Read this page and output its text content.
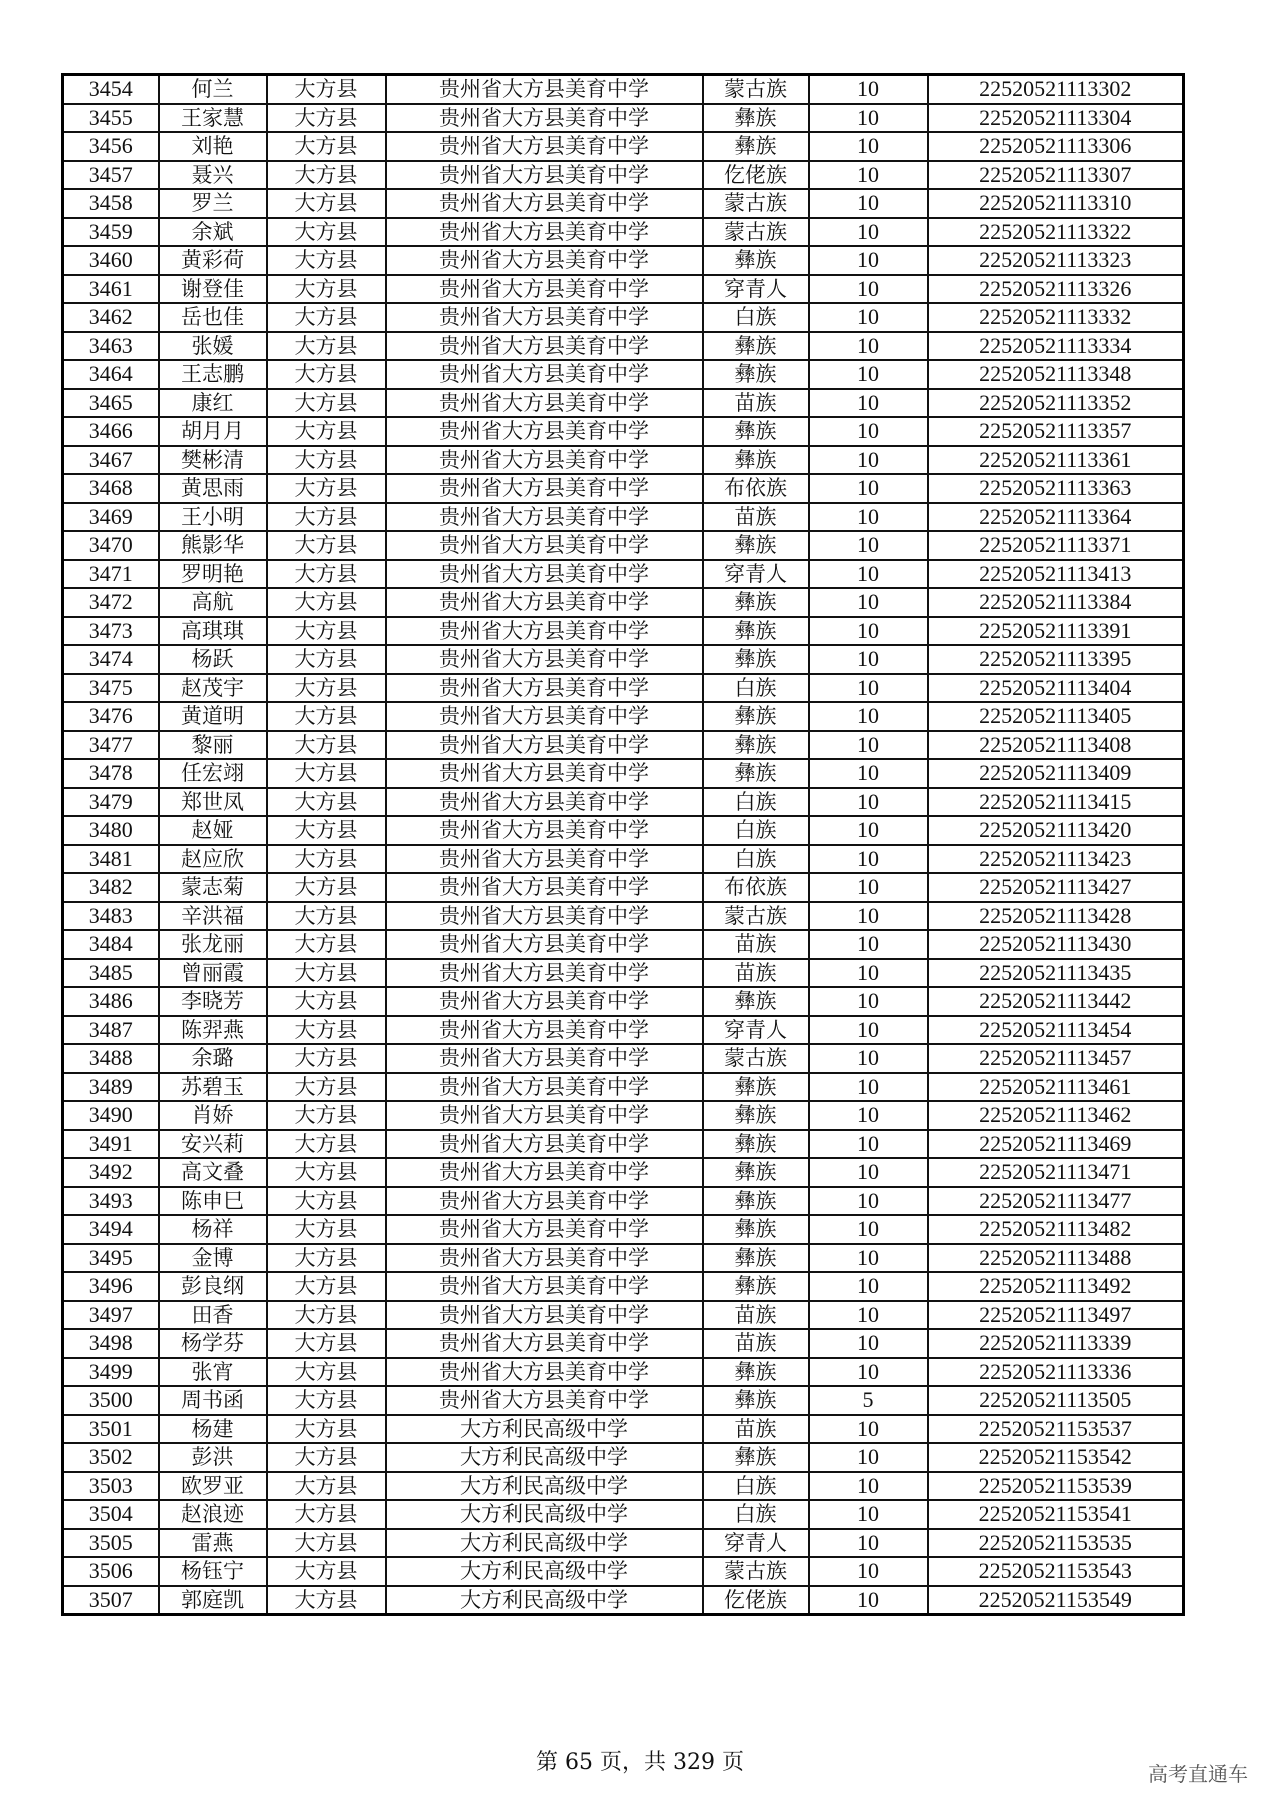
3454	何兰	大方县	贵州省大方县美育中学	蒙古族	10	22520521113302
3455	王家慧	大方县	贵州省大方县美育中学	彝族	10	22520521113304
3456	刘艳	大方县	贵州省大方县美育中学	彝族	10	22520521113306
3457	聂兴	大方县	贵州省大方县美育中学	仡佬族	10	22520521113307
3458	罗兰	大方县	贵州省大方县美育中学	蒙古族	10	22520521113310
3459	余斌	大方县	贵州省大方县美育中学	蒙古族	10	22520521113322
3460	黄彩荷	大方县	贵州省大方县美育中学	彝族	10	22520521113323
3461	谢登佳	大方县	贵州省大方县美育中学	穿青人	10	22520521113326
3462	岳也佳	大方县	贵州省大方县美育中学	白族	10	22520521113332
3463	张媛	大方县	贵州省大方县美育中学	彝族	10	22520521113334
3464	王志鹏	大方县	贵州省大方县美育中学	彝族	10	22520521113348
3465	康红	大方县	贵州省大方县美育中学	苗族	10	22520521113352
3466	胡月月	大方县	贵州省大方县美育中学	彝族	10	22520521113357
3467	樊彬清	大方县	贵州省大方县美育中学	彝族	10	22520521113361
3468	黄思雨	大方县	贵州省大方县美育中学	布依族	10	22520521113363
3469	王小明	大方县	贵州省大方县美育中学	苗族	10	22520521113364
3470	熊影华	大方县	贵州省大方县美育中学	彝族	10	22520521113371
3471	罗明艳	大方县	贵州省大方县美育中学	穿青人	10	22520521113413
3472	高航	大方县	贵州省大方县美育中学	彝族	10	22520521113384
3473	高琪琪	大方县	贵州省大方县美育中学	彝族	10	22520521113391
3474	杨跃	大方县	贵州省大方县美育中学	彝族	10	22520521113395
3475	赵茂宇	大方县	贵州省大方县美育中学	白族	10	22520521113404
3476	黄道明	大方县	贵州省大方县美育中学	彝族	10	22520521113405
3477	黎丽	大方县	贵州省大方县美育中学	彝族	10	22520521113408
3478	任宏翊	大方县	贵州省大方县美育中学	彝族	10	22520521113409
3479	郑世凤	大方县	贵州省大方县美育中学	白族	10	22520521113415
3480	赵娅	大方县	贵州省大方县美育中学	白族	10	22520521113420
3481	赵应欣	大方县	贵州省大方县美育中学	白族	10	22520521113423
3482	蒙志菊	大方县	贵州省大方县美育中学	布依族	10	22520521113427
3483	辛洪福	大方县	贵州省大方县美育中学	蒙古族	10	22520521113428
3484	张龙丽	大方县	贵州省大方县美育中学	苗族	10	22520521113430
3485	曾丽霞	大方县	贵州省大方县美育中学	苗族	10	22520521113435
3486	李晓芳	大方县	贵州省大方县美育中学	彝族	10	22520521113442
3487	陈羿燕	大方县	贵州省大方县美育中学	穿青人	10	22520521113454
3488	余璐	大方县	贵州省大方县美育中学	蒙古族	10	22520521113457
3489	苏碧玉	大方县	贵州省大方县美育中学	彝族	10	22520521113461
3490	肖娇	大方县	贵州省大方县美育中学	彝族	10	22520521113462
3491	安兴莉	大方县	贵州省大方县美育中学	彝族	10	22520521113469
3492	高文叠	大方县	贵州省大方县美育中学	彝族	10	22520521113471
3493	陈申巳	大方县	贵州省大方县美育中学	彝族	10	22520521113477
3494	杨祥	大方县	贵州省大方县美育中学	彝族	10	22520521113482
3495	金博	大方县	贵州省大方县美育中学	彝族	10	22520521113488
3496	彭良纲	大方县	贵州省大方县美育中学	彝族	10	22520521113492
3497	田香	大方县	贵州省大方县美育中学	苗族	10	22520521113497
3498	杨学芬	大方县	贵州省大方县美育中学	苗族	10	22520521113339
3499	张宵	大方县	贵州省大方县美育中学	彝族	10	22520521113336
3500	周书函	大方县	贵州省大方县美育中学	彝族	5	22520521113505
3501	杨建	大方县	大方利民高级中学	苗族	10	22520521153537
3502	彭洪	大方县	大方利民高级中学	彝族	10	22520521153542
3503	欧罗亚	大方县	大方利民高级中学	白族	10	22520521153539
3504	赵浪迹	大方县	大方利民高级中学	白族	10	22520521153541
3505	雷燕	大方县	大方利民高级中学	穿青人	10	22520521153535
3506	杨钰宁	大方县	大方利民高级中学	蒙古族	10	22520521153543
3507	郭庭凯	大方县	大方利民高级中学	仡佬族	10	22520521153549
第 65 页，共 329 页	高考直通车
